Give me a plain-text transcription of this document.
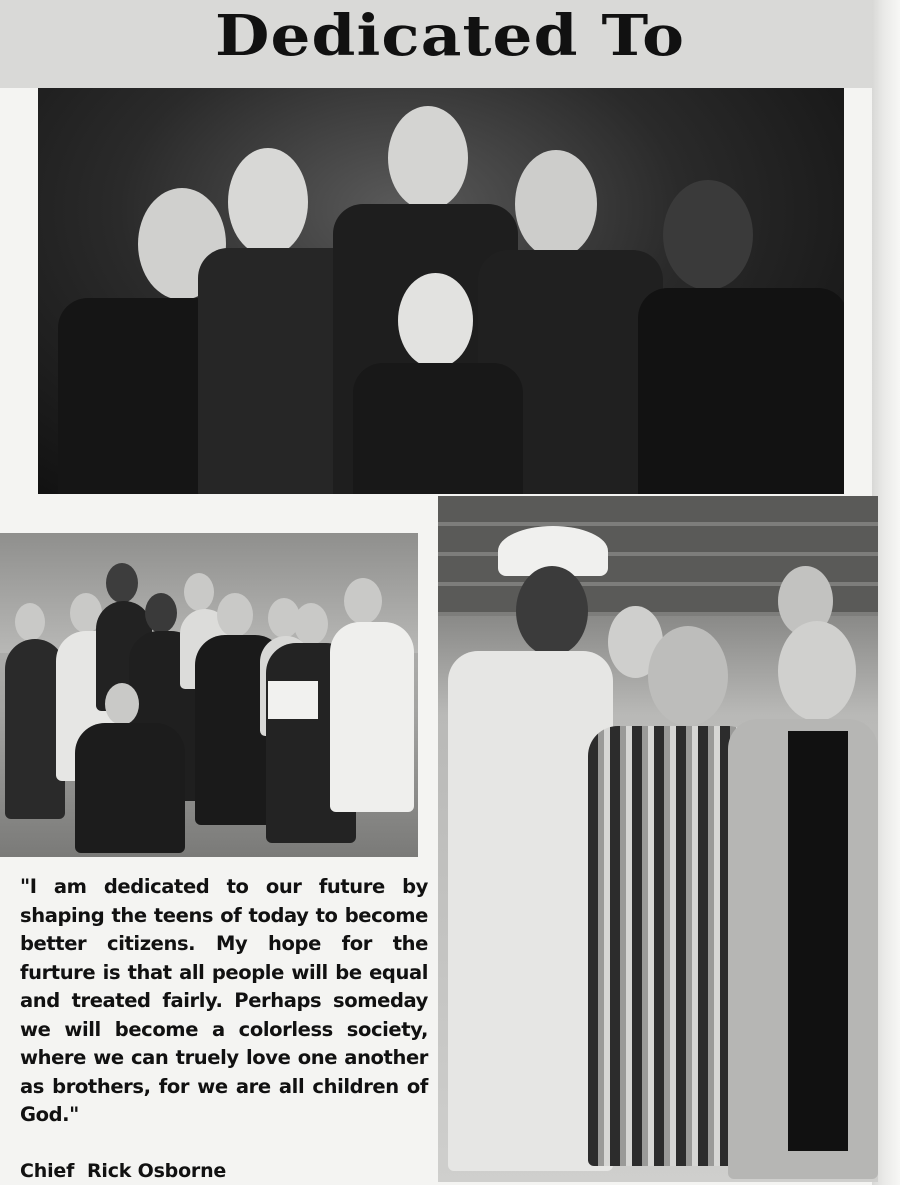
Dedicated To
"I am dedicated to our future by shaping the teens of today to become better citizens. My hope for the furture is that all people will be equal and treated fairly. Perhaps someday we will become a colorless society, where we can truely love one another as brothers, for we are all children of God."
Chief  Rick Osborne
